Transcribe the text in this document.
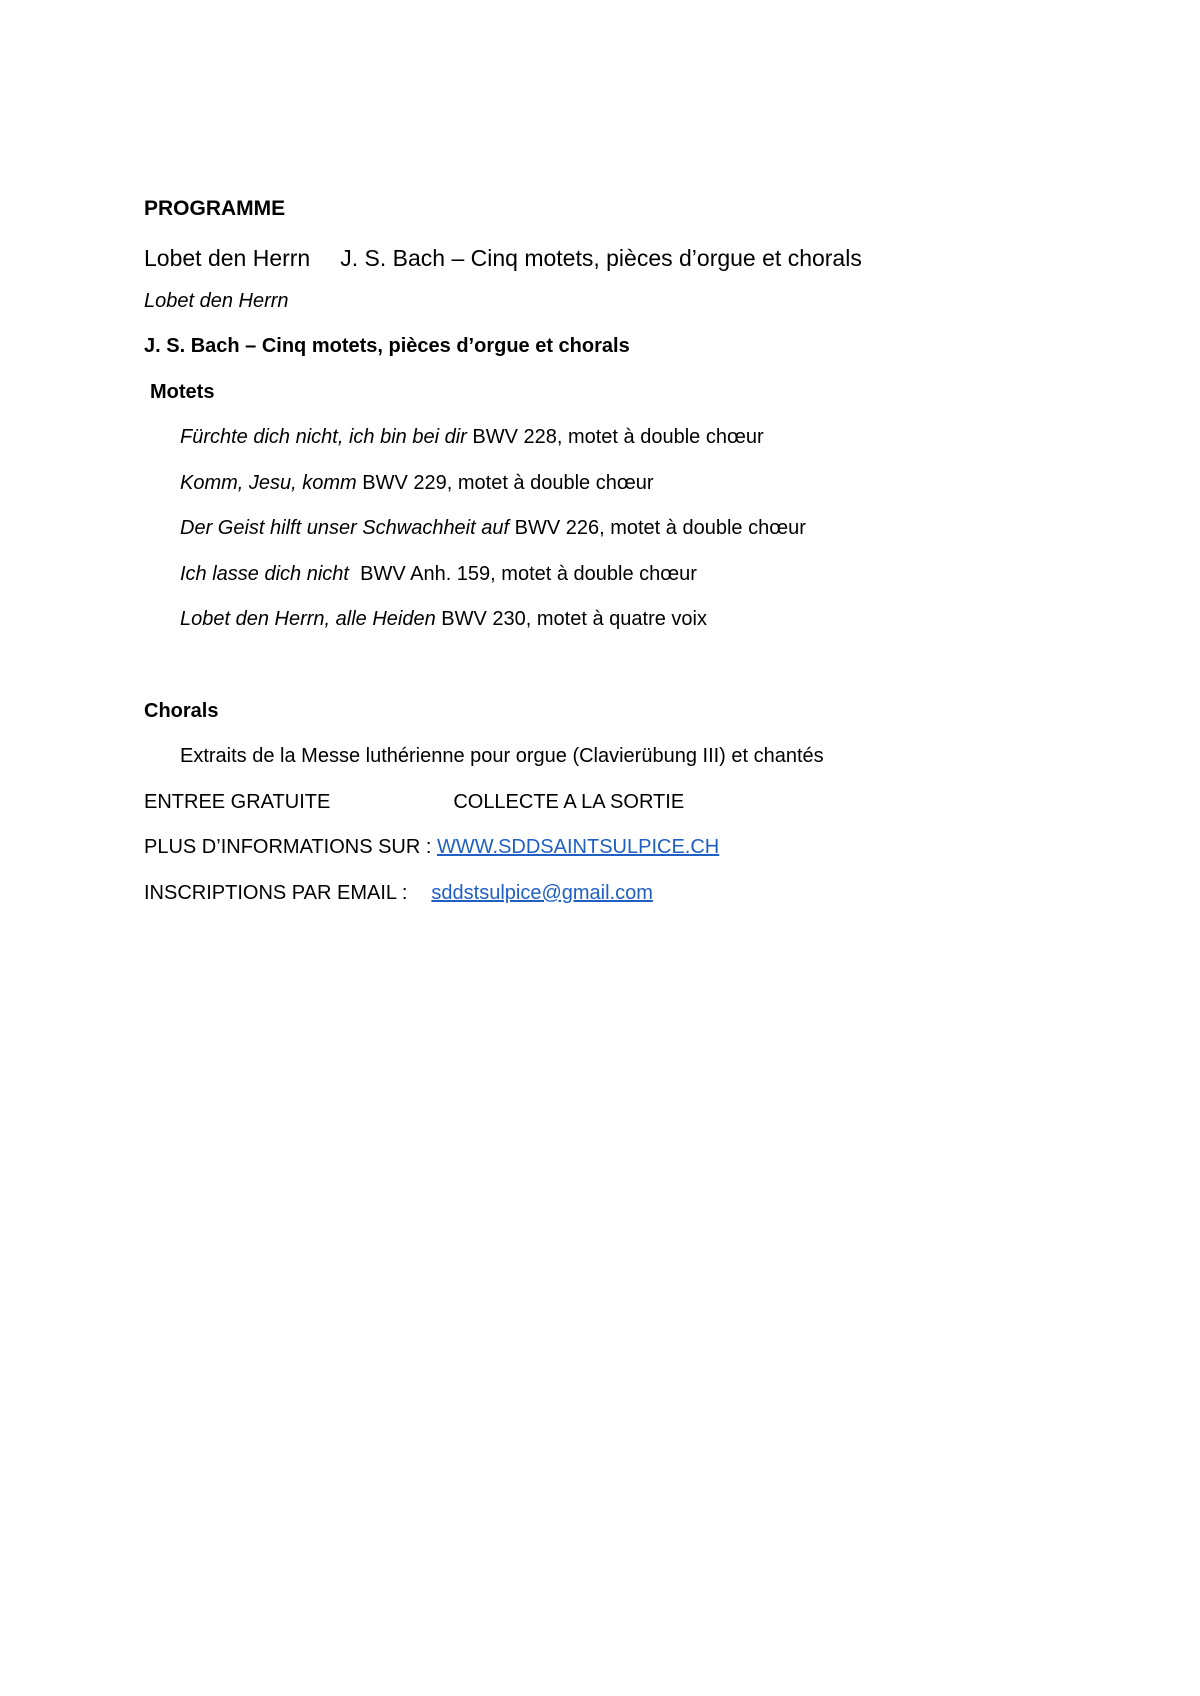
PROGRAMME
Lobet den Herrn J. S. Bach – Cinq motets, pièces d’orgue et chorals
Lobet den Herrn
J. S. Bach – Cinq motets, pièces d’orgue et chorals
Motets
Fürchte dich nicht, ich bin bei dir BWV 228, motet à double chœur
Komm, Jesu, komm BWV 229, motet à double chœur
Der Geist hilft unser Schwachheit auf BWV 226, motet à double chœur
Ich lasse dich nicht  BWV Anh. 159, motet à double chœur
Lobet den Herrn, alle Heiden BWV 230, motet à quatre voix
Chorals
Extraits de la Messe luthérienne pour orgue (Clavierübung III) et chantés
ENTREE GRATUITE	COLLECTE A LA SORTIE
PLUS D’INFORMATIONS SUR : WWW.SDDSAINTSULPICE.CH
INSCRIPTIONS PAR EMAIL : sddstsulpice@gmail.com
